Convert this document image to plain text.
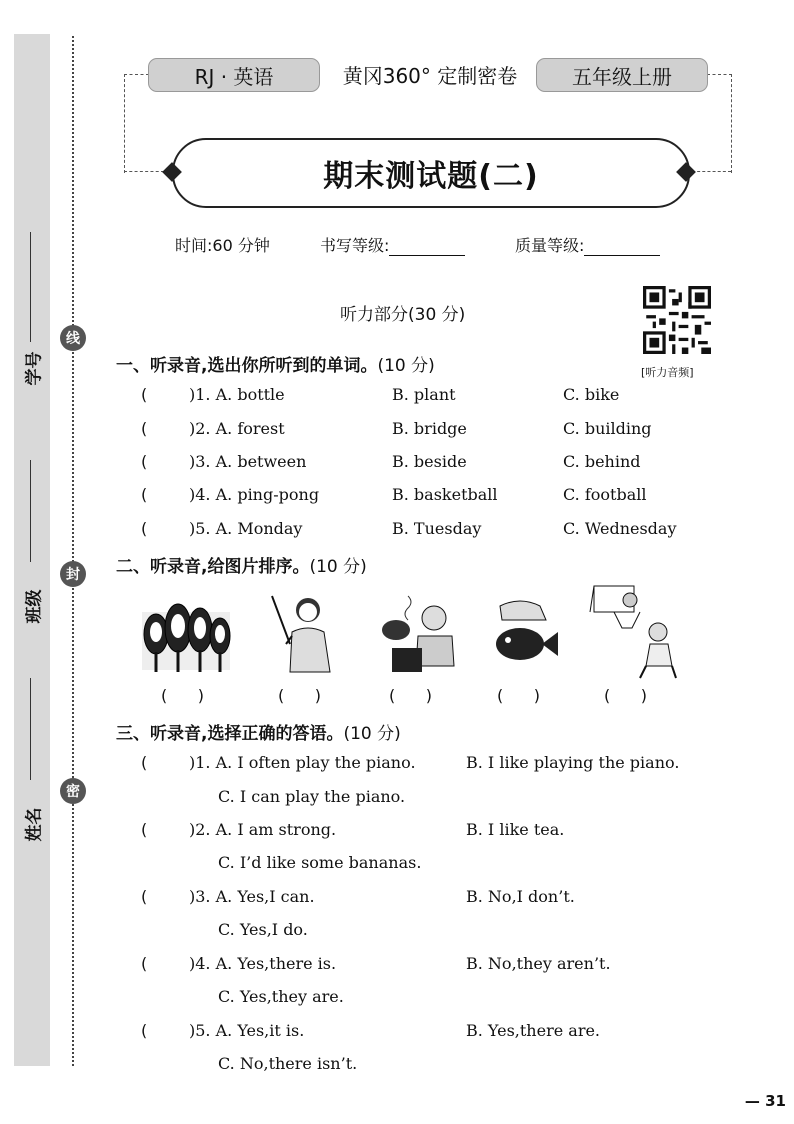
学号
班级
姓名
线
封
密
RJ · 英语	黄冈360° 定制密卷	五年级上册
期末测试题(二)
时间:60 分钟	书写等级:	质量等级:
听力部分(30 分)
[听力音频]
一、听录音,选出你所听到的单词。(10 分)
(	)1. A. bottle	B. plant	C. bike
(	)2. A. forest	B. bridge	C. building
(	)3. A. between	B. beside	C. behind
(	)4. A. ping-pong	B. basketball	C. football
(	)5. A. Monday	B. Tuesday	C. Wednesday
二、听录音,给图片排序。(10 分)
(      )	(      )	(      )	(      )	(      )
三、听录音,选择正确的答语。(10 分)
(	)1. A. I often play the piano.	B. I like playing the piano.
C. I can play the piano.
(	)2. A. I am strong.	B. I like tea.
C. I’d like some bananas.
(	)3. A. Yes,I can.	B. No,I don’t.
C. Yes,I do.
(	)4. A. Yes,there is.	B. No,they aren’t.
C. Yes,they are.
(	)5. A. Yes,it is.	B. Yes,there are.
C. No,there isn’t.
— 31
